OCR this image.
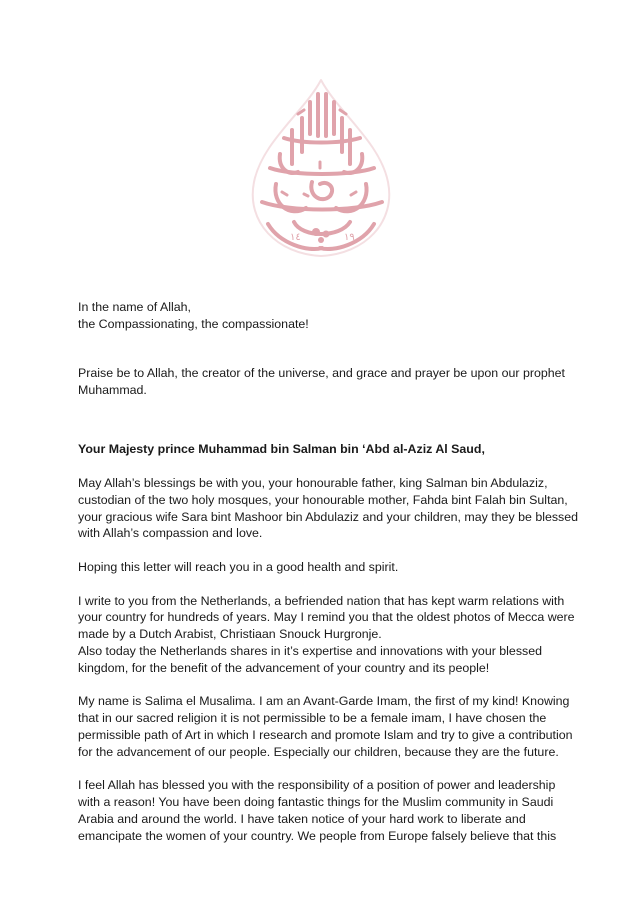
١٤	١٩
In the name of Allah,
the Compassionating, the compassionate!
Praise be to Allah, the creator of the universe, and grace and prayer be upon our prophet
Muhammad.
Your Majesty prince Muhammad bin Salman bin ‘Abd al-Aziz Al Saud,

May Allah’s blessings be with you, your honourable father, king Salman bin Abdulaziz,
custodian of the two holy mosques, your honourable mother, Fahda bint Falah bin Sultan,
your gracious wife Sara bint Mashoor bin Abdulaziz and your children, may they be blessed
with Allah’s compassion and love.

Hoping this letter will reach you in a good health and spirit.

I write to you from the Netherlands, a befriended nation that has kept warm relations with
your country for hundreds of years. May I remind you that the oldest photos of Mecca were
made by a Dutch Arabist, Christiaan Snouck Hurgronje.
Also today the Netherlands shares in it’s expertise and innovations with your blessed
kingdom, for the benefit of the advancement of your country and its people!

My name is Salima el Musalima. I am an Avant-Garde Imam, the first of my kind! Knowing
that in our sacred religion it is not permissible to be a female imam, I have chosen the
permissible path of Art in which I research and promote Islam and try to give a contribution
for the advancement of our people. Especially our children, because they are the future.

I feel Allah has blessed you with the responsibility of a position of power and leadership
with a reason! You have been doing fantastic things for the Muslim community in Saudi
Arabia and around the world. I have taken notice of your hard work to liberate and
emancipate the women of your country. We people from Europe falsely believe that this
